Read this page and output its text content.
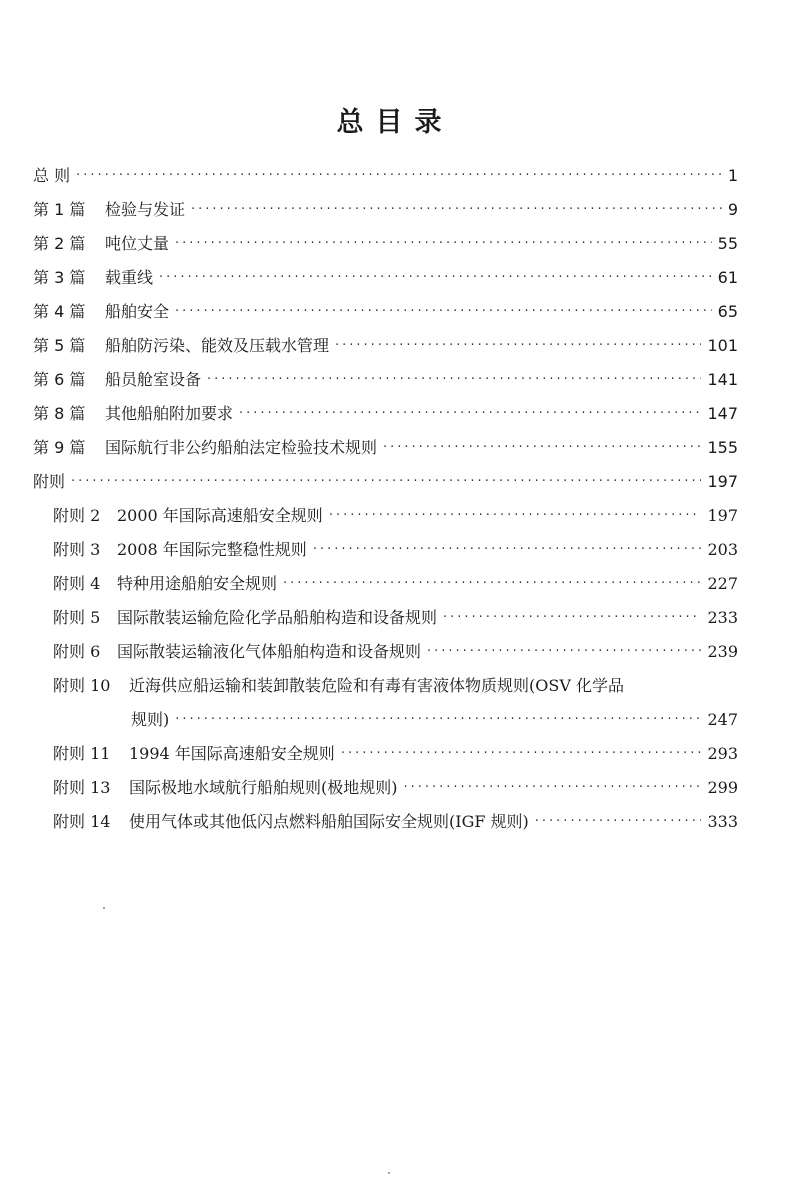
总目录
总 则 ·····	1
第 1 篇	检验与发证 ·····	9
第 2 篇	吨位丈量 ·····	55
第 3 篇	载重线 ·····	61
第 4 篇	船舶安全 ·····	65
第 5 篇	船舶防污染、能效及压载水管理 ·····	101
第 6 篇	船员舱室设备 ·····	141
第 8 篇	其他船舶附加要求 ·····	147
第 9 篇	国际航行非公约船舶法定检验技术规则 ·····	155
附则 ·····	197
附则 2	2000 年国际高速船安全规则 ·····	197
附则 3	2008 年国际完整稳性规则 ·····	203
附则 4	特种用途船舶安全规则 ·····	227
附则 5	国际散装运输危险化学品船舶构造和设备规则 ·····	233
附则 6	国际散装运输液化气体船舶构造和设备规则 ·····	239
附则 10	近海供应船运输和装卸散装危险和有毒有害液体物质规则(OSV 化学品
规则) ·····	247
附则 11	1994 年国际高速船安全规则 ·····	293
附则 13	国际极地水域航行船舶规则(极地规则) ·····	299
附则 14	使用气体或其他低闪点燃料船舶国际安全规则(IGF 规则) ·····	333
